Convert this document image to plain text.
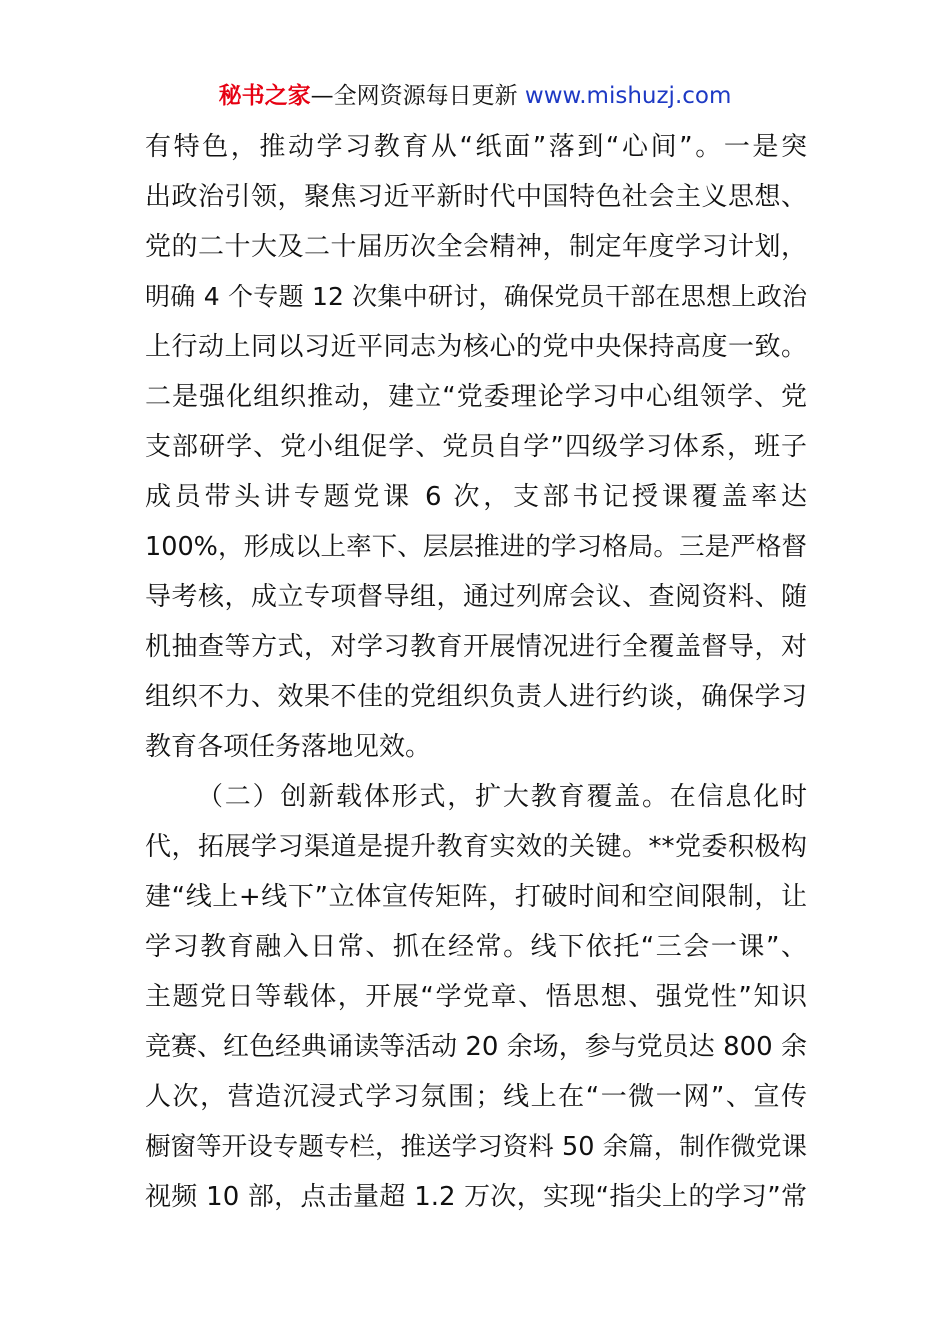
秘书之家—全网资源每日更新 www.mishuzj.com
有特色，推动学习教育从“纸面”落到“心间”。一是突
出政治引领，聚焦习近平新时代中国特色社会主义思想、
党的二十大及二十届历次全会精神，制定年度学习计划，
明确 4 个专题 12 次集中研讨，确保党员干部在思想上政治
上行动上同以习近平同志为核心的党中央保持高度一致。
二是强化组织推动，建立“党委理论学习中心组领学、党
支部研学、党小组促学、党员自学”四级学习体系，班子
成员带头讲专题党课 6 次，支部书记授课覆盖率达
100%，形成以上率下、层层推进的学习格局。三是严格督
导考核，成立专项督导组，通过列席会议、查阅资料、随
机抽查等方式，对学习教育开展情况进行全覆盖督导，对
组织不力、效果不佳的党组织负责人进行约谈，确保学习
教育各项任务落地见效。
（二）创新载体形式，扩大教育覆盖。在信息化时
代，拓展学习渠道是提升教育实效的关键。**党委积极构
建“线上+线下”立体宣传矩阵，打破时间和空间限制，让
学习教育融入日常、抓在经常。线下依托“三会一课”、
主题党日等载体，开展“学党章、悟思想、强党性”知识
竞赛、红色经典诵读等活动 20 余场，参与党员达 800 余
人次，营造沉浸式学习氛围；线上在“一微一网”、宣传
橱窗等开设专题专栏，推送学习资料 50 余篇，制作微党课
视频 10 部，点击量超 1.2 万次，实现“指尖上的学习”常
